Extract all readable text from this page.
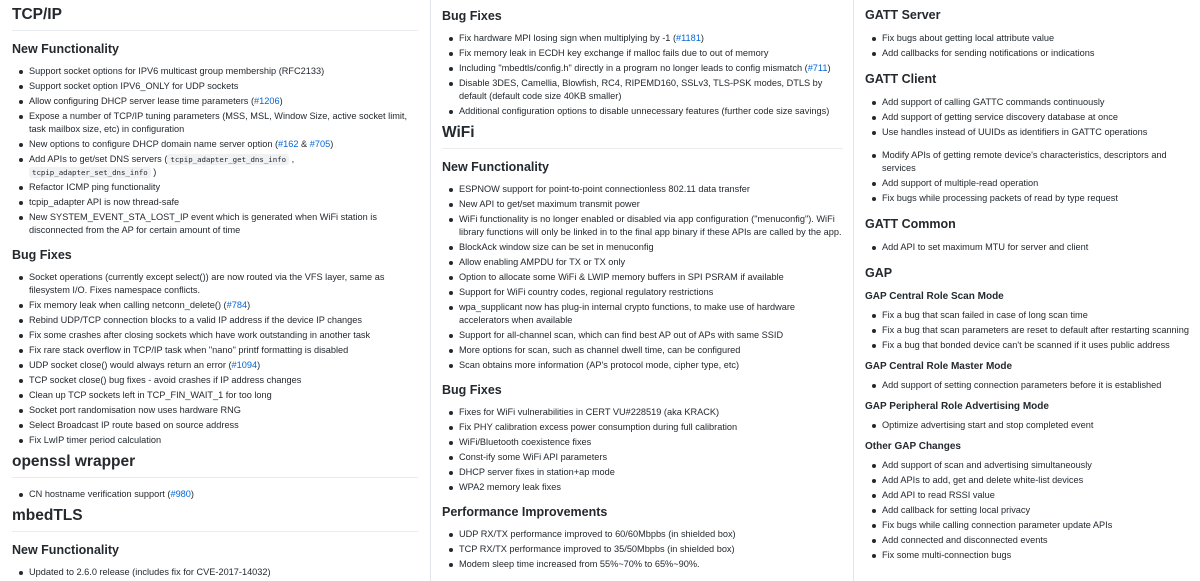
TCP/IP
New Functionality
Support socket options for IPV6 multicast group membership (RFC2133)
Support socket option IPV6_ONLY for UDP sockets
Allow configuring DHCP server lease time parameters (#1206)
Expose a number of TCP/IP tuning parameters (MSS, MSL, Window Size, active socket limit, task mailbox size, etc) in configuration
New options to configure DHCP domain name server option (#162 & #705)
Add APIs to get/set DNS servers ( tcpip_adapter_get_dns_info , tcpip_adapter_set_dns_info )
Refactor ICMP ping functionality
tcpip_adapter API is now thread-safe
New SYSTEM_EVENT_STA_LOST_IP event which is generated when WiFi station is disconnected from the AP for certain amount of time
Bug Fixes
Socket operations (currently except select()) are now routed via the VFS layer, same as filesystem I/O. Fixes namespace conflicts.
Fix memory leak when calling netconn_delete() (#784)
Rebind UDP/TCP connection blocks to a valid IP address if the device IP changes
Fix some crashes after closing sockets which have work outstanding in another task
Fix rare stack overflow in TCP/IP task when "nano" printf formatting is disabled
UDP socket close() would always return an error (#1094)
TCP socket close() bug fixes - avoid crashes if IP address changes
Clean up TCP sockets left in TCP_FIN_WAIT_1 for too long
Socket port randomisation now uses hardware RNG
Select Broadcast IP route based on source address
Fix LwIP timer period calculation
openssl wrapper
CN hostname verification support (#980)
mbedTLS
New Functionality
Updated to 2.6.0 release (includes fix for CVE-2017-14032)
Bug Fixes
Fix hardware MPI losing sign when multiplying by -1 (#1181)
Fix memory leak in ECDH key exchange if malloc fails due to out of memory
Including "mbedtls/config.h" directly in a program no longer leads to config mismatch (#711)
Disable 3DES, Camellia, Blowfish, RC4, RIPEMD160, SSLv3, TLS-PSK modes, DTLS by default (default code size 40KB smaller)
Additional configuration options to disable unnecessary features (further code size savings)
WiFi
New Functionality
ESPNOW support for point-to-point connectionless 802.11 data transfer
New API to get/set maximum transmit power
WiFi functionality is no longer enabled or disabled via app configuration ("menuconfig"). WiFi library functions will only be linked in to the final app binary if these APIs are called by the app.
BlockAck window size can be set in menuconfig
Allow enabling AMPDU for TX or TX only
Option to allocate some WiFi & LWIP memory buffers in SPI PSRAM if available
Support for WiFi country codes, regional regulatory restrictions
wpa_supplicant now has plug-in internal crypto functions, to make use of hardware accelerators when available
Support for all-channel scan, which can find best AP out of APs with same SSID
More options for scan, such as channel dwell time, can be configured
Scan obtains more information (AP's protocol mode, cipher type, etc)
Bug Fixes
Fixes for WiFi vulnerabilities in CERT VU#228519 (aka KRACK)
Fix PHY calibration excess power consumption during full calibration
WiFi/Bluetooth coexistence fixes
Const-ify some WiFi API parameters
DHCP server fixes in station+ap mode
WPA2 memory leak fixes
Performance Improvements
UDP RX/TX performance improved to 60/60Mbpbs (in shielded box)
TCP RX/TX performance improved to 35/50Mbpbs (in shielded box)
Modem sleep time increased from 55%~70% to 65%~90%.
GATT Server
Fix bugs about getting local attribute value
Add callbacks for sending notifications or indications
GATT Client
Add support of calling GATTC commands continuously
Add support of getting service discovery database at once
Use handles instead of UUIDs as identifiers in GATTC operations
Modify APIs of getting remote device's characteristics, descriptors and services
Add support of multiple-read operation
Fix bugs while processing packets of read by type request
GATT Common
Add API to set maximum MTU for server and client
GAP
GAP Central Role Scan Mode
Fix a bug that scan failed in case of long scan time
Fix a bug that scan parameters are reset to default after restarting scanning
Fix a bug that bonded device can't be scanned if it uses public address
GAP Central Role Master Mode
Add support of setting connection parameters before it is established
GAP Peripheral Role Advertising Mode
Optimize advertising start and stop completed event
Other GAP Changes
Add support of scan and advertising simultaneously
Add APIs to add, get and delete white-list devices
Add API to read RSSI value
Add callback for setting local privacy
Fix bugs while calling connection parameter update APIs
Add connected and disconnected events
Fix some multi-connection bugs
